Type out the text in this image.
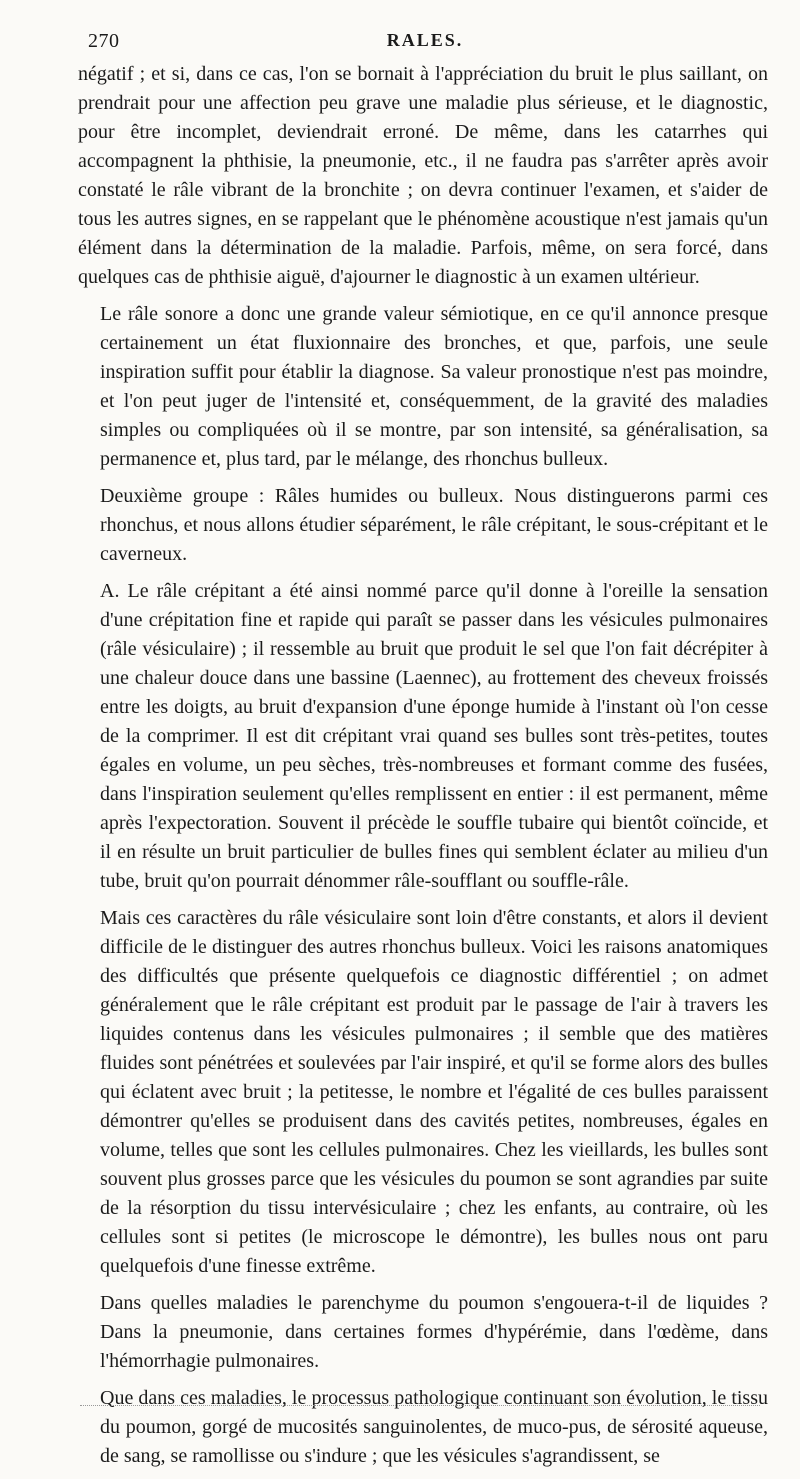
270	RALES.

négatif ; et si, dans ce cas, l'on se bornait à l'appréciation du bruit le plus saillant, on prendrait pour une affection peu grave une maladie plus sérieuse, et le diagnostic, pour être incomplet, deviendrait erroné. De même, dans les catarrhes qui accompagnent la phthisie, la pneumonie, etc., il ne faudra pas s'arrêter après avoir constaté le râle vibrant de la bronchite ; on devra continuer l'examen, et s'aider de tous les autres signes, en se rappelant que le phénomène acoustique n'est jamais qu'un élément dans la détermination de la maladie. Parfois, même, on sera forcé, dans quelques cas de phthisie aiguë, d'ajourner le diagnostic à un examen ultérieur.

Le râle sonore a donc une grande valeur sémiotique, en ce qu'il annonce presque certainement un état fluxionnaire des bronches, et que, parfois, une seule inspiration suffit pour établir la diagnose. Sa valeur pronostique n'est pas moindre, et l'on peut juger de l'intensité et, conséquemment, de la gravité des maladies simples ou compliquées où il se montre, par son intensité, sa généralisation, sa permanence et, plus tard, par le mélange, des rhonchus bulleux.

Deuxième groupe : Râles humides ou bulleux. Nous distinguerons parmi ces rhonchus, et nous allons étudier séparément, le râle crépitant, le sous-crépitant et le caverneux.

A. Le râle crépitant a été ainsi nommé parce qu'il donne à l'oreille la sensation d'une crépitation fine et rapide qui paraît se passer dans les vésicules pulmonaires (râle vésiculaire) ; il ressemble au bruit que produit le sel que l'on fait décrépiter à une chaleur douce dans une bassine (Laennec), au frottement des cheveux froissés entre les doigts, au bruit d'expansion d'une éponge humide à l'instant où l'on cesse de la comprimer. Il est dit crépitant vrai quand ses bulles sont très-petites, toutes égales en volume, un peu sèches, très-nombreuses et formant comme des fusées, dans l'inspiration seulement qu'elles remplissent en entier : il est permanent, même après l'expectoration. Souvent il précède le souffle tubaire qui bientôt coïncide, et il en résulte un bruit particulier de bulles fines qui semblent éclater au milieu d'un tube, bruit qu'on pourrait dénommer râle-soufflant ou souffle-râle.

Mais ces caractères du râle vésiculaire sont loin d'être constants, et alors il devient difficile de le distinguer des autres rhonchus bulleux. Voici les raisons anatomiques des difficultés que présente quelquefois ce diagnostic différentiel ; on admet généralement que le râle crépitant est produit par le passage de l'air à travers les liquides contenus dans les vésicules pulmonaires ; il semble que des matières fluides sont pénétrées et soulevées par l'air inspiré, et qu'il se forme alors des bulles qui éclatent avec bruit ; la petitesse, le nombre et l'égalité de ces bulles paraissent démontrer qu'elles se produisent dans des cavités petites, nombreuses, égales en volume, telles que sont les cellules pulmonaires. Chez les vieillards, les bulles sont souvent plus grosses parce que les vésicules du poumon se sont agrandies par suite de la résorption du tissu intervésiculaire ; chez les enfants, au contraire, où les cellules sont si petites (le microscope le démontre), les bulles nous ont paru quelquefois d'une finesse extrême.

Dans quelles maladies le parenchyme du poumon s'engouera-t-il de liquides ? Dans la pneumonie, dans certaines formes d'hypérémie, dans l'œdème, dans l'hémorrhagie pulmonaires.

Que dans ces maladies, le processus pathologique continuant son évolution, le tissu du poumon, gorgé de mucosités sanguinolentes, de muco-pus, de sérosité aqueuse, de sang, se ramollisse ou s'indure ; que les vésicules s'agrandissent, se
